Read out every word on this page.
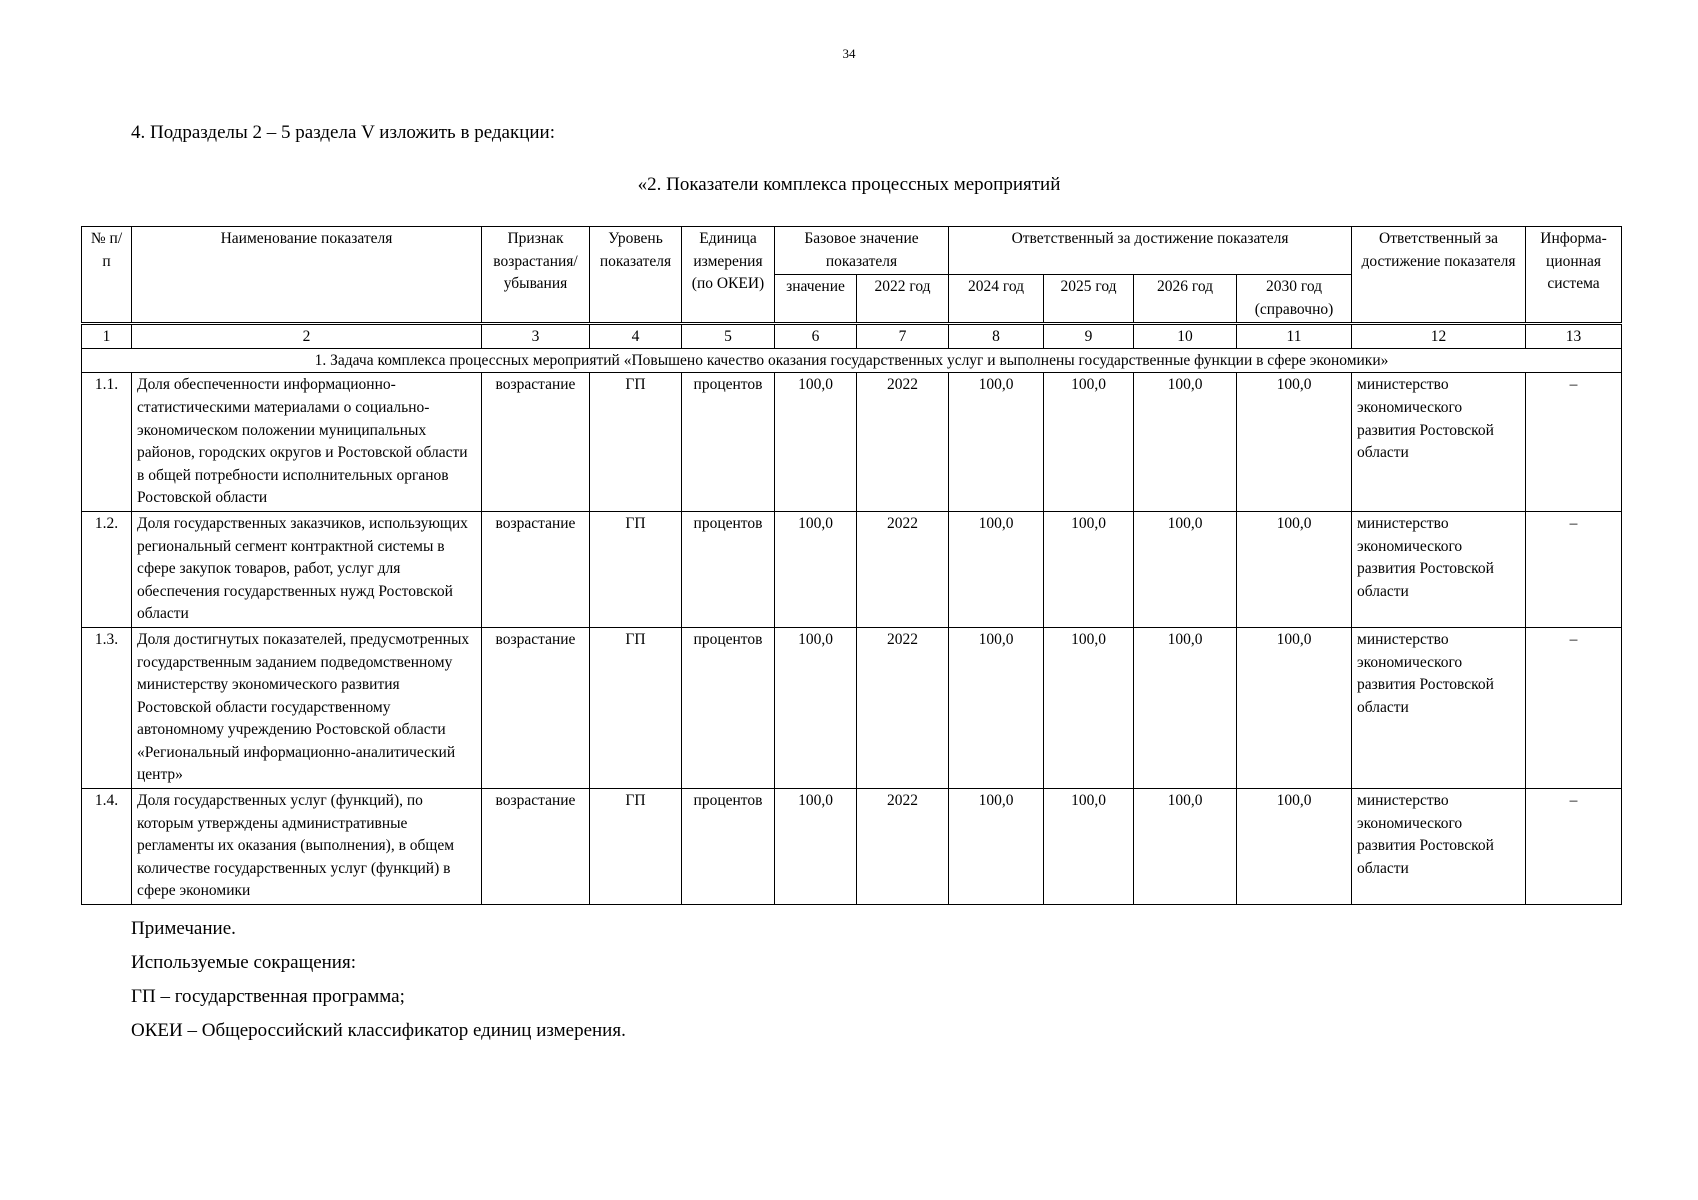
34
4. Подразделы 2 – 5 раздела V изложить в редакции:
«2. Показатели комплекса процессных мероприятий
№ п/п	Наименование показателя	Признак возрастания/ убывания	Уровень показателя	Единица измерения (по ОКЕИ)	Базовое значение показателя		Ответственный за достижение показателя				Ответственный за достижение показателя	Информа-ционная система
					значение	2022 год	2024 год	2025 год	2026 год	2030 год (справочно)		
1	2	3	4	5	6	7	8	9	10	11	12	13
1. Задача комплекса процессных мероприятий «Повышено качество оказания государственных услуг и выполнены государственные функции в сфере экономики»												
1.1.	Доля обеспеченности информационно-статистическими материалами о социально-экономическом положении муниципальных районов, городских округов и Ростовской области в общей потребности исполнительных органов Ростовской области	возрастание	ГП	процентов	100,0	2022	100,0	100,0	100,0	100,0	министерство экономического развития Ростовской области	–
1.2.	Доля государственных заказчиков, использующих региональный сегмент контрактной системы в сфере закупок товаров, работ, услуг для обеспечения государственных нужд Ростовской области	возрастание	ГП	процентов	100,0	2022	100,0	100,0	100,0	100,0	министерство экономического развития Ростовской области	–
1.3.	Доля достигнутых показателей, предусмотренных государственным заданием подведомственному министерству экономического развития Ростовской области государственному автономному учреждению Ростовской области «Региональный информационно-аналитический центр»	возрастание	ГП	процентов	100,0	2022	100,0	100,0	100,0	100,0	министерство экономического развития Ростовской области	–
1.4.	Доля государственных услуг (функций), по которым утверждены административные регламенты их оказания (выполнения), в общем количестве государственных услуг (функций) в сфере экономики	возрастание	ГП	процентов	100,0	2022	100,0	100,0	100,0	100,0	министерство экономического развития Ростовской области	–
Примечание.
Используемые сокращения:
ГП – государственная программа;
ОКЕИ – Общероссийский классификатор единиц измерения.
